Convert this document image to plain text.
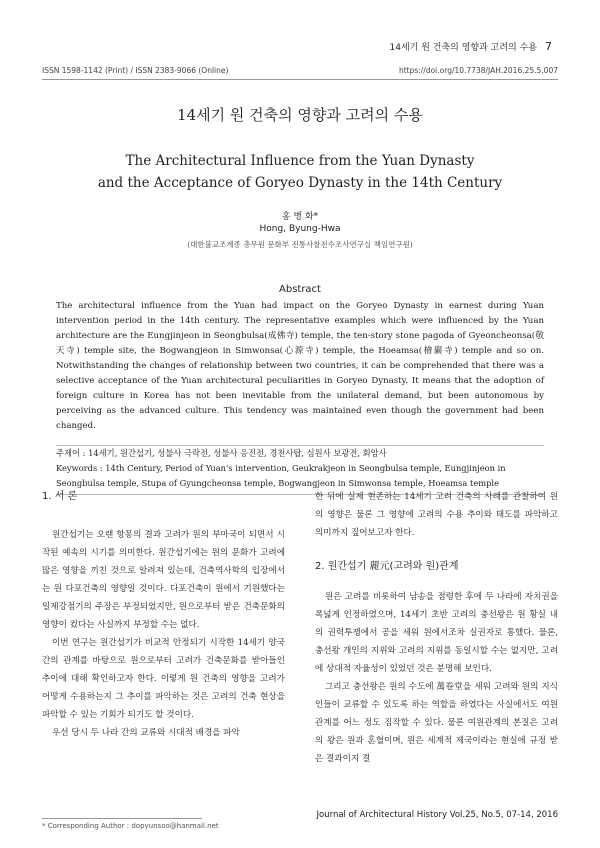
14세기 원 건축의 영향과 고려의 수용 7
ISSN 1598-1142 (Print) / ISSN 2383-9066 (Online)	https://doi.org/10.7738/JAH.2016.25.5.007
14세기 원 건축의 영향과 고려의 수용
The Architectural Influence from the Yuan Dynasty
and the Acceptance of Goryeo Dynasty in the 14th Century
홍 병 화*
Hong, Byung-Hwa
(대한불교조계종 총무원 문화부 전통사찰전수조사연구실 책임연구원)
Abstract
The architectural influence from the Yuan had impact on the Goryeo Dynasty in earnest during Yuan intervention period in the 14th century. The representative examples which were influenced by the Yuan architecture are the Eungjinjeon in Seongbulsa(成佛寺) temple, the ten-story stone pagoda of Gyeoncheonsa(敬天寺) temple site, the Bogwangjeon in Simwonsa(心源寺) temple, the Hoeamsa(檜巖寺) temple and so on. Notwithstanding the changes of relationship between two countries, it can be comprehended that there was a selective acceptance of the Yuan architectural peculiarities in Goryeo Dynasty. It means that the adoption of foreign culture in Korea has not been inevitable from the unilateral demand, but been autonomous by perceiving as the advanced culture. This tendency was maintained even though the government had been changed.
주제어 : 14세기, 원간섭기, 성불사 극락전, 성불사 응진전, 경천사탑, 심원사 보광전, 회암사
Keywords : 14th Century, Period of Yuan's intervention, Geukrakjeon in Seongbulsa temple, Eungjinjeon in Seongbulsa temple, Stupa of Gyungcheonsa temple, Bogwangjeon in Simwonsa temple, Hoeamsa temple
1. 서 론

원간섭기는 오랜 항몽의 결과 고려가 원의 부마국이 되면서 시작된 예속의 시기를 의미한다. 원간섭기에는 원의 문화가 고려에 많은 영향을 끼친 것으로 알려져 있는데, 건축역사학의 입장에서는 원 다포건축의 영향일 것이다. 다포건축이 원에서 기원했다는 일제강점기의 주장은 부정되었지만, 원으로부터 받은 건축문화의 영향이 컸다는 사실까지 부정할 수는 없다.

이번 연구는 원간섭기가 비교적 안정되기 시작한 14세기 양국 간의 관계를 바탕으로 원으로부터 고려가 건축문화를 받아들인 추이에 대해 확인하고자 한다. 이렇게 원 건축의 영향을 고려가 어떻게 수용하는지 그 추이를 파악하는 것은 고려의 건축 현상을 파악할 수 있는 기회가 되기도 할 것이다.

우선 당시 두 나라 간의 교류와 시대적 배경을 파악

한 뒤에 실제 현존하는 14세기 고려 건축의 사례를 관찰하여 원의 영향은 물론 그 영향에 고려의 수용 추이와 태도를 파악하고 의미까지 짚어보고자 한다.

2. 원간섭기 麗元(고려와 원)관계

원은 고려를 비롯하여 남송을 점령한 후에 두 나라에 자치권을 폭넓게 인정하였으며, 14세기 초반 고려의 충선왕은 원 황실 내의 권력투쟁에서 공을 세워 원에서조차 실권자로 통했다. 물론, 충선왕 개인의 지위와 고려의 지위를 동일시할 수는 없지만, 고려에 상대적 자율성이 있었던 것은 분명해 보인다.

그리고 충선왕은 원의 수도에 萬卷堂을 세워 고려와 원의 지식인들이 교류할 수 있도록 하는 역할을 하였다는 사실에서도 여원관계를 어느 정도 짐작할 수 있다. 물론 여원관계의 본질은 고려의 왕은 원과 혼혈이며, 원은 세계적 제국이라는 현실에 규정 받은 결과이지 결

* Corresponding Author : dopyunsoo@hanmail.net
Journal of Architectural History Vol.25, No.5, 07-14, 2016
